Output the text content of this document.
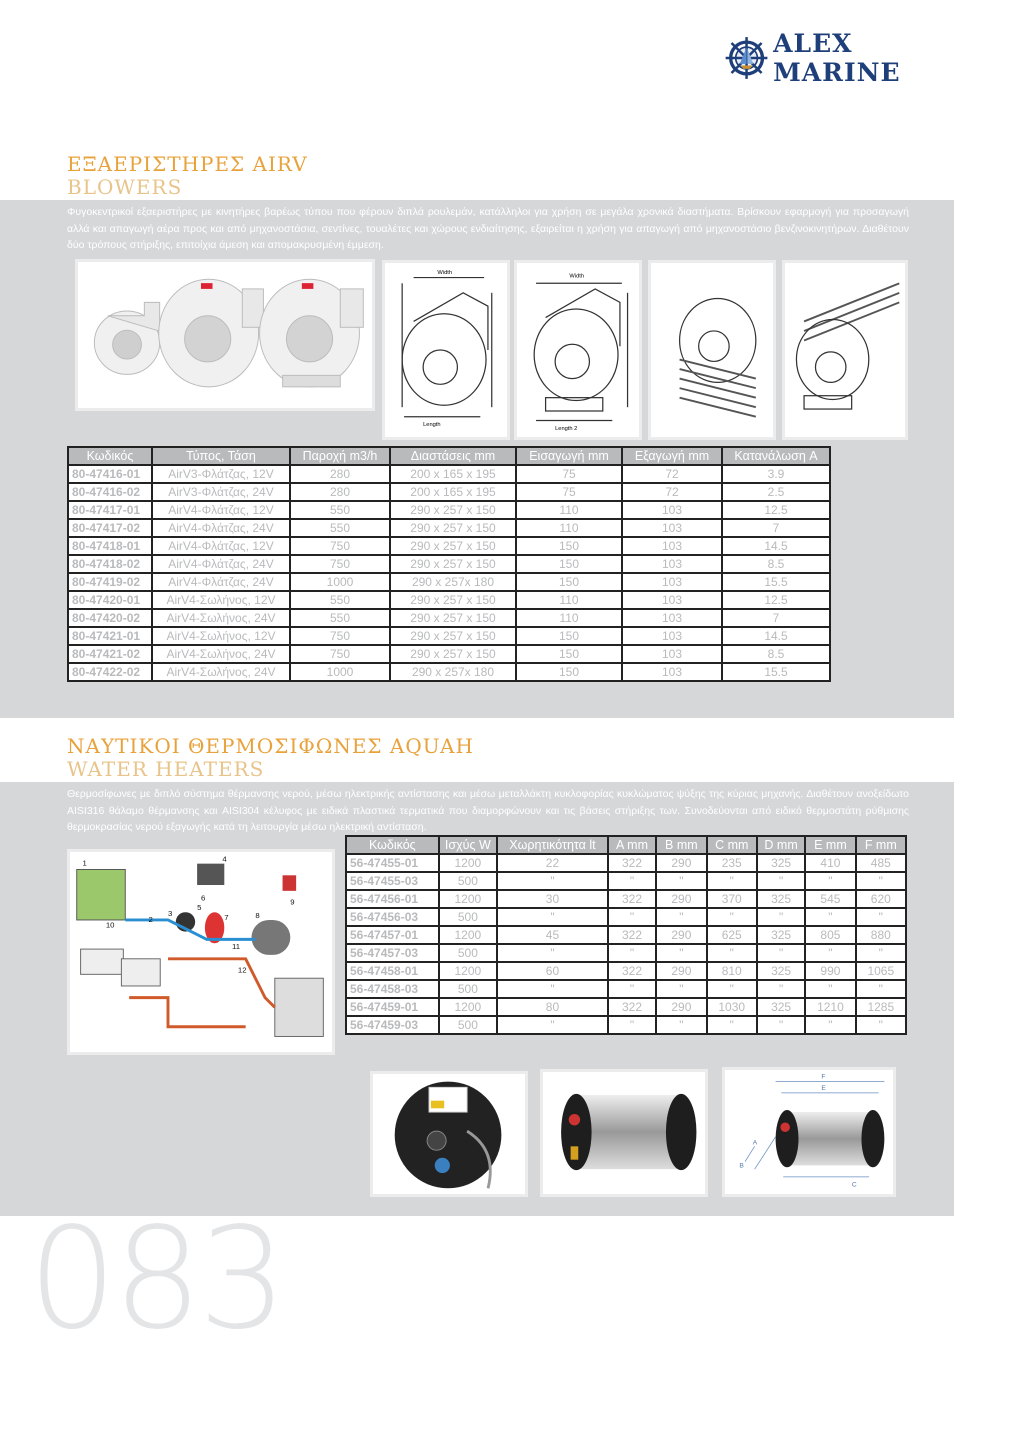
ALEX MARINE
ΕΞΑΕΡΙΣΤΗΡΕΣ AIRV
BLOWERS
Φυγοκεντρικοί εξαεριστήρες με κινητήρες βαρέως τύπου που φέρουν διπλά ρουλεμάν, κατάλληλοι για χρήση σε μεγάλα χρονικά διαστήματα. Βρίσκουν εφαρμογή για προσαγωγή αλλά και απαγωγή αέρα προς και από μηχανοστάσια, σεντίνες, τουαλέτες και χώρους ενδιαίτησης, εξαιρείται η χρήση για απαγωγή από μηχανοστάσιο βενζινοκινητήρων. Διαθέτουν δύο τρόπους στήριξης, επιτοίχια άμεση και απομακρυσμένη έμμεση.
Width
Length
Width
Length 2
Κωδικός	Τύπος, Τάση	Παροχή m3/h	Διαστάσεις mm	Εισαγωγή mm	Εξαγωγή mm	Κατανάλωση A
80-47416-01	AirV3-Φλάτζας, 12V	280	200 x 165 x 195	75	72	3.9
80-47416-02	AirV3-Φλάτζας, 24V	280	200 x 165 x 195	75	72	2.5
80-47417-01	AirV4-Φλάτζας, 12V	550	290 x 257 x 150	110	103	12.5
80-47417-02	AirV4-Φλάτζας, 24V	550	290 x 257 x 150	110	103	7
80-47418-01	AirV4-Φλάτζας, 12V	750	290 x 257 x 150	150	103	14.5
80-47418-02	AirV4-Φλάτζας, 24V	750	290 x 257 x 150	150	103	8.5
80-47419-02	AirV4-Φλάτζας, 24V	1000	290 x 257x 180	150	103	15.5
80-47420-01	AirV4-Σωλήνος, 12V	550	290 x 257 x 150	110	103	12.5
80-47420-02	AirV4-Σωλήνος, 24V	550	290 x 257 x 150	110	103	7
80-47421-01	AirV4-Σωλήνος, 12V	750	290 x 257 x 150	150	103	14.5
80-47421-02	AirV4-Σωλήνος, 24V	750	290 x 257 x 150	150	103	8.5
80-47422-02	AirV4-Σωλήνος, 24V	1000	290 x 257x 180	150	103	15.5
ΝΑΥΤΙΚΟΙ ΘΕΡΜΟΣΙΦΩΝΕΣ AQUAH
WATER HEATERS
Θερμοσίφωνες με διπλό σύστημα θέρμανσης νερού, μέσω ηλεκτρικής αντίστασης και μέσω μεταλλάκτη κυκλοφορίας κυκλώματος ψύξης της κύριας μηχανής. Διαθέτουν ανοξείδωτο AISI316 θάλαμο θέρμανσης και AISI304 κέλυφος με ειδικά πλαστικά τερματικά που διαμορφώνουν και τις βάσεις στήριξης των. Συνοδεύονται από ειδικό θερμοστάτη ρύθμισης θερμοκρασίας νερού εξαγωγής κατά τη λειτουργία μέσω ηλεκτρική αντίσταση.
1
2
3
4
5
6
7	8
9
10
11
12
Κωδικός	Ισχύς W	Χωρητικότητα lt	A mm	B mm	C mm	D mm	E mm	F mm
56-47455-01	1200	22	322	290	235	325	410	485
56-47455-03	500	"	"	"	"	"	"	"
56-47456-01	1200	30	322	290	370	325	545	620
56-47456-03	500	"	"	"	"	"	"	"
56-47457-01	1200	45	322	290	625	325	805	880
56-47457-03	500	"	"	"	"	"	"	"
56-47458-01	1200	60	322	290	810	325	990	1065
56-47458-03	500	"	"	"	"	"	"	"
56-47459-01	1200	80	322	290	1030	325	1210	1285
56-47459-03	500	"	"	"	"	"	"	"
F
E
A
B
C
083
